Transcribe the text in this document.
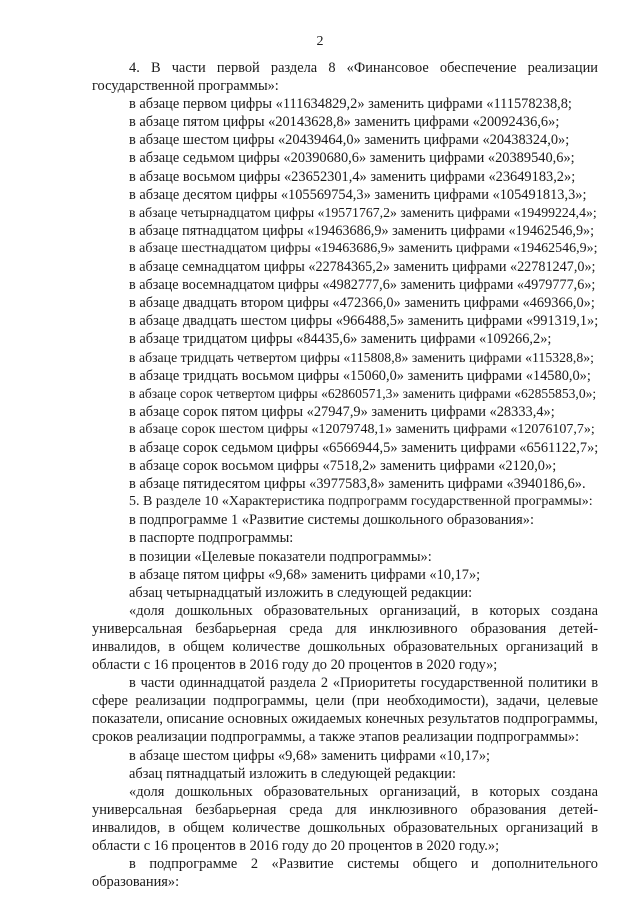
2

4. В части первой раздела 8 «Финансовое обеспечение реализации государственной программы»:

в абзаце первом цифры «111634829,2» заменить цифрами «111578238,8;

в абзаце пятом цифры «20143628,8» заменить цифрами «20092436,6»;

в абзаце шестом цифры «20439464,0» заменить цифрами «20438324,0»;

в абзаце седьмом цифры «20390680,6» заменить цифрами «20389540,6»;

в абзаце восьмом цифры «23652301,4» заменить цифрами «23649183,2»;

в абзаце десятом цифры «105569754,3» заменить цифрами «105491813,3»;

в абзаце четырнадцатом цифры «19571767,2» заменить цифрами «19499224,4»;

в абзаце пятнадцатом цифры «19463686,9» заменить цифрами «19462546,9»;

в абзаце шестнадцатом цифры «19463686,9» заменить цифрами «19462546,9»;

в абзаце семнадцатом цифры «22784365,2» заменить цифрами «22781247,0»;

в абзаце восемнадцатом цифры «4982777,6» заменить цифрами «4979777,6»;

в абзаце двадцать втором цифры «472366,0» заменить цифрами «469366,0»;

в абзаце двадцать шестом цифры «966488,5» заменить цифрами «991319,1»;

в абзаце тридцатом цифры «84435,6» заменить цифрами «109266,2»;

в абзаце тридцать четвертом цифры «115808,8» заменить цифрами «115328,8»;

в абзаце тридцать восьмом цифры «15060,0» заменить цифрами «14580,0»;

в абзаце сорок четвертом цифры «62860571,3» заменить цифрами «62855853,0»;

в абзаце сорок пятом цифры «27947,9» заменить цифрами «28333,4»;

в абзаце сорок шестом цифры «12079748,1» заменить цифрами «12076107,7»;

в абзаце сорок седьмом цифры «6566944,5» заменить цифрами «6561122,7»;

в абзаце сорок восьмом цифры «7518,2» заменить цифрами «2120,0»;

в абзаце пятидесятом цифры «3977583,8» заменить цифрами «3940186,6».

5. В разделе 10 «Характеристика подпрограмм государственной программы»:

в подпрограмме 1 «Развитие системы дошкольного образования»:

в паспорте подпрограммы:

в позиции «Целевые показатели подпрограммы»:

в абзаце пятом цифры «9,68» заменить цифрами «10,17»;

абзац четырнадцатый изложить в следующей редакции:

«доля дошкольных образовательных организаций, в которых создана универсальная безбарьерная среда для инклюзивного образования детей-инвалидов, в общем количестве дошкольных образовательных организаций в области с 16 процентов в 2016 году до 20 процентов в 2020 году»;

в части одиннадцатой раздела 2 «Приоритеты государственной политики в сфере реализации подпрограммы, цели (при необходимости), задачи, целевые показатели, описание основных ожидаемых конечных результатов подпрограммы, сроков реализации подпрограммы, а также этапов реализации подпрограммы»:

в абзаце шестом цифры «9,68» заменить цифрами «10,17»;

абзац пятнадцатый изложить в следующей редакции:

«доля дошкольных образовательных организаций, в которых создана универсальная безбарьерная среда для инклюзивного образования детей-инвалидов, в общем количестве дошкольных образовательных организаций в области с 16 процентов в 2016 году до 20 процентов в 2020 году.»;

в подпрограмме 2 «Развитие системы общего и дополнительного образования»:
